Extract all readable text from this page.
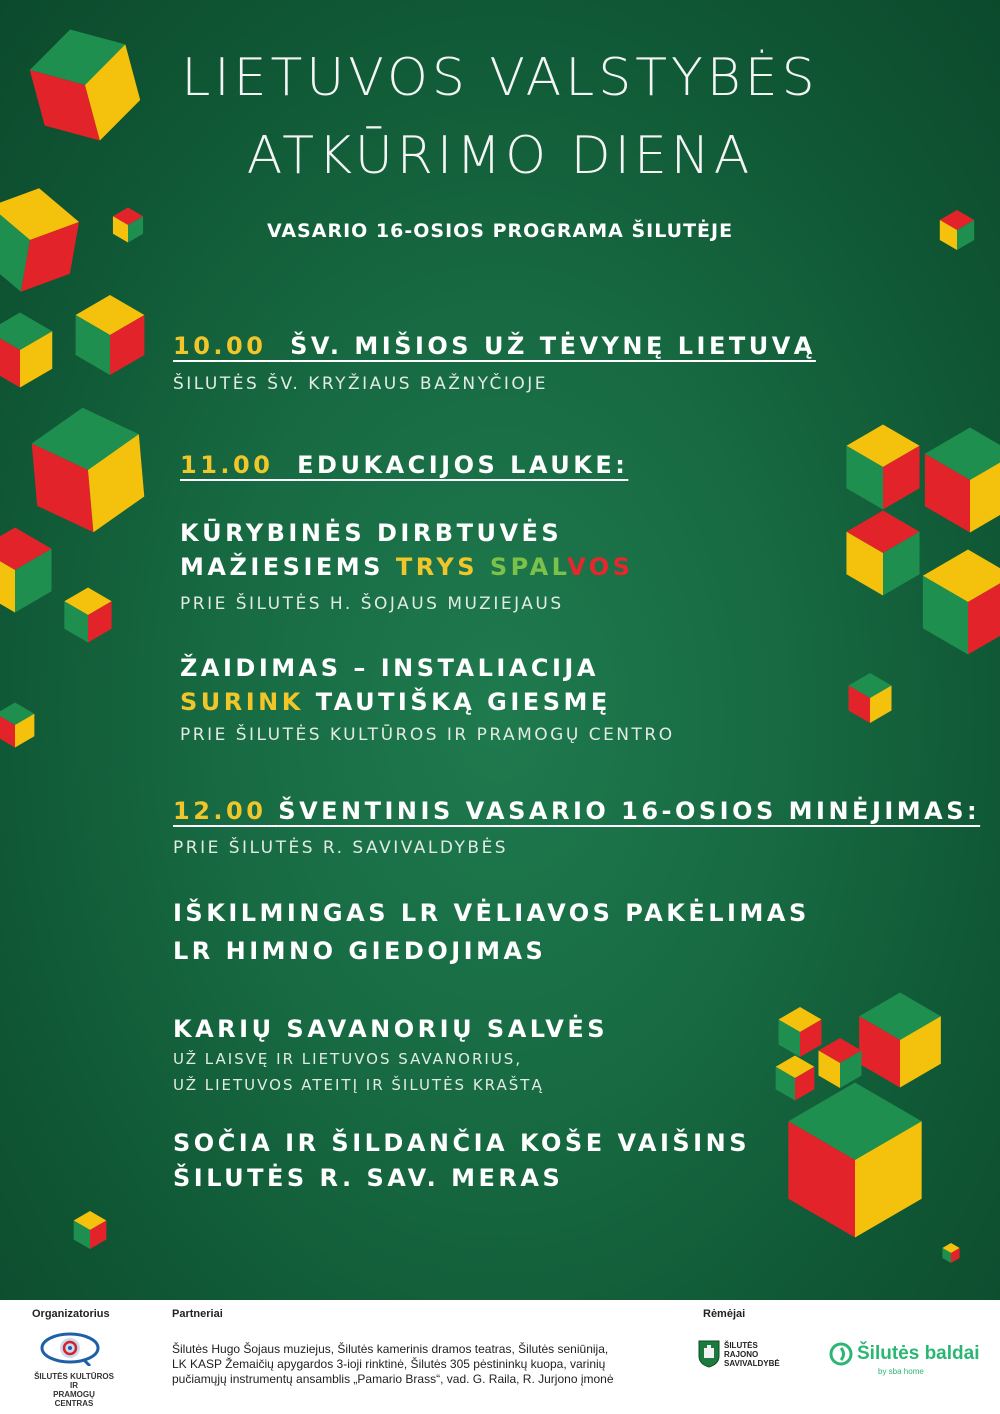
LIETUVOS VALSTYBĖS
ATKŪRIMO DIENA
VASARIO 16-OSIOS PROGRAMA ŠILUTĖJE
10.00 ŠV. MIŠIOS UŽ TĖVYNĘ LIETUVĄ
ŠILUTĖS ŠV. KRYŽIAUS BAŽNYČIOJE
11.00 EDUKACIJOS LAUKE:
KŪRYBINĖS DIRBTUVĖS
MAŽIESIEMS TRYS SPALVOS
PRIE ŠILUTĖS H. ŠOJAUS MUZIEJAUS
ŽAIDIMAS – INSTALIACIJA
SURINK TAUTIŠKĄ GIESMĘ
PRIE ŠILUTĖS KULTŪROS IR PRAMOGŲ CENTRO
12.00 ŠVENTINIS VASARIO 16-OSIOS MINĖJIMAS:
PRIE ŠILUTĖS R. SAVIVALDYBĖS
IŠKILMINGAS LR VĖLIAVOS PAKĖLIMAS
LR HIMNO GIEDOJIMAS
KARIŲ SAVANORIŲ SALVĖS
UŽ LAISVĘ IR LIETUVOS SAVANORIUS,
UŽ LIETUVOS ATEITĮ IR ŠILUTĖS KRAŠTĄ
SOČIA IR ŠILDANČIA KOŠE VAIŠINS
ŠILUTĖS R. SAV. MERAS
Organizatorius
ŠILUTĖS KULTŪROS IR
PRAMOGŲ CENTRAS
Partneriai
Šilutės Hugo Šojaus muziejus, Šilutės kamerinis dramos teatras, Šilutės seniūnija, LK KASP Žemaičių apygardos 3-ioji rinktinė, Šilutės 305 pėstininkų kuopa, varinių pučiamųjų instrumentų ansamblis „Pamario Brass“, vad. G. Raila, R. Jurjono įmonė
Rėmėjai
ŠILUTĖS
RAJONO
SAVIVALDYBĖ	Šilutės baldai
by sba home
